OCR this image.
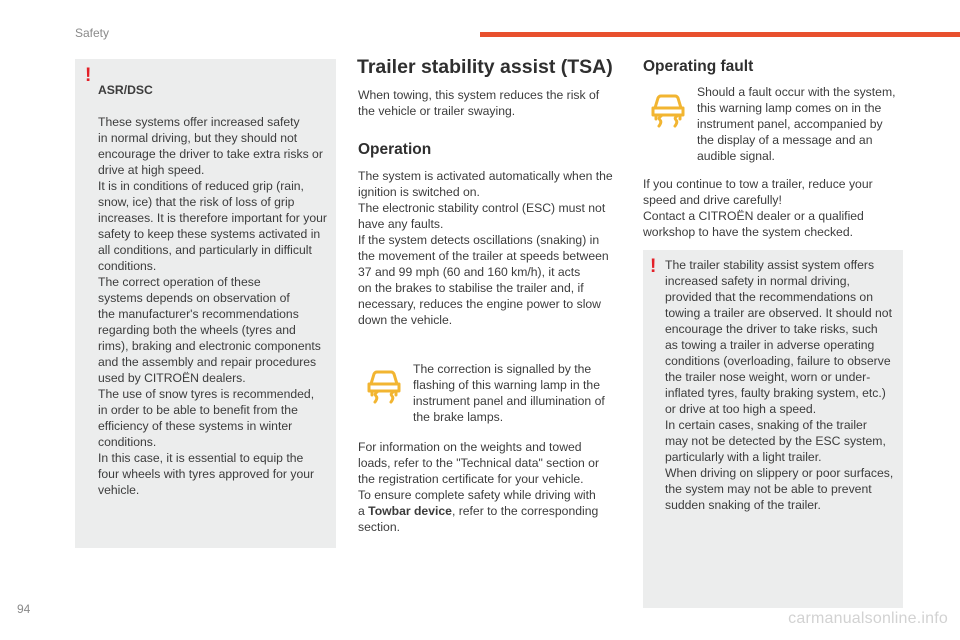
Safety
!

ASR/DSC

These systems offer increased safety
in normal driving, but they should not
encourage the driver to take extra risks or
drive at high speed.
It is in conditions of reduced grip (rain,
snow, ice) that the risk of loss of grip
increases. It is therefore important for your
safety to keep these systems activated in
all conditions, and particularly in difficult
conditions.
The correct operation of these
systems depends on observation of
the manufacturer's recommendations
regarding both the wheels (tyres and
rims), braking and electronic components
and the assembly and repair procedures
used by CITROËN dealers.
The use of snow tyres is recommended,
in order to be able to benefit from the
efficiency of these systems in winter
conditions.
In this case, it is essential to equip the
four wheels with tyres approved for your
vehicle.

Trailer stability assist (TSA)
When towing, this system reduces the risk of
the vehicle or trailer swaying.
Operation
The system is activated automatically when the
ignition is switched on.
The electronic stability control (ESC) must not
have any faults.
If the system detects oscillations (snaking) in
the movement of the trailer at speeds between
37 and 99 mph (60 and 160 km/h), it acts
on the brakes to stabilise the trailer and, if
necessary, reduces the engine power to slow
down the vehicle.
The correction is signalled by the
flashing of this warning lamp in the
instrument panel and illumination of
the brake lamps.
For information on the weights and towed
loads, refer to the "Technical data" section or
the registration certificate for your vehicle.
To ensure complete safety while driving with
a Towbar device, refer to the corresponding
section.
Operating fault
Should a fault occur with the system,
this warning lamp comes on in the
instrument panel, accompanied by
the display of a message and an
audible signal.
If you continue to tow a trailer, reduce your
speed and drive carefully!
Contact a CITROËN dealer or a qualified
workshop to have the system checked.
! The trailer stability assist system offers
increased safety in normal driving,
provided that the recommendations on
towing a trailer are observed. It should not
encourage the driver to take risks, such
as towing a trailer in adverse operating
conditions (overloading, failure to observe
the trailer nose weight, worn or under-
inflated tyres, faulty braking system, etc.)
or drive at too high a speed.
In certain cases, snaking of the trailer
may not be detected by the ESC system,
particularly with a light trailer.
When driving on slippery or poor surfaces,
the system may not be able to prevent
sudden snaking of the trailer.
94
carmanualsonline.info
